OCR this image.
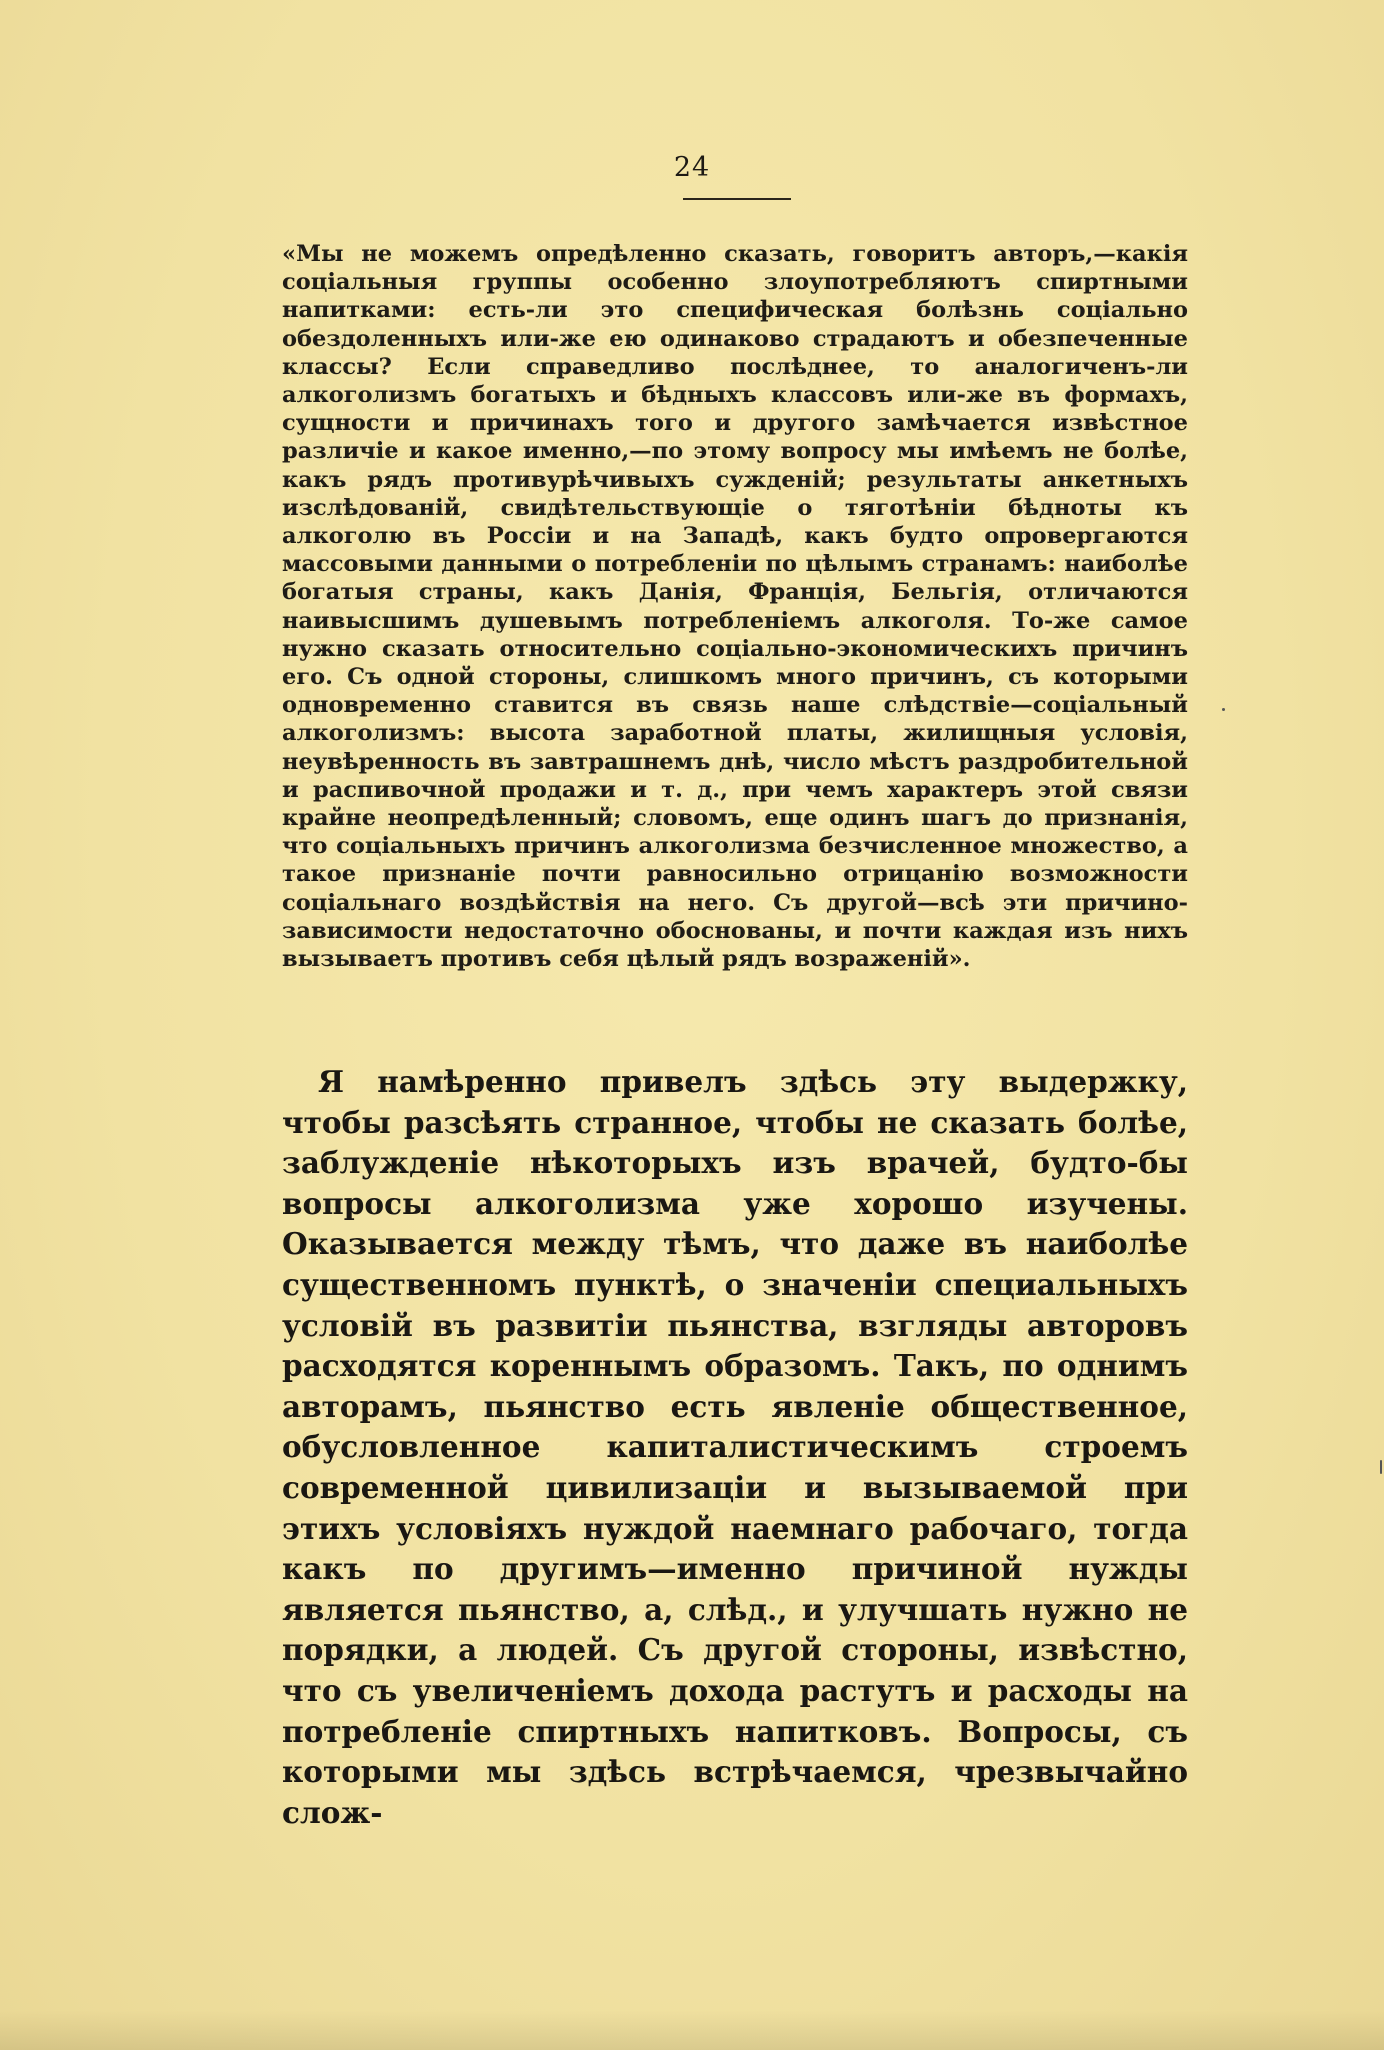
24

«Мы не можемъ опредѣленно сказать, говоритъ авторъ,—какія соціальныя группы особенно злоупотребляютъ спиртными напитками: есть-ли это специфическая болѣзнь соціально обездоленныхъ или-же ею одинаково страдаютъ и обезпеченные классы? Если справедливо послѣднее, то аналогиченъ-ли алкоголизмъ богатыхъ и бѣдныхъ классовъ или-же въ формахъ, сущности и причинахъ того и другого замѣчается извѣстное различіе и какое именно,—по этому вопросу мы имѣемъ не болѣе, какъ рядъ противурѣчивыхъ сужденій; результаты анкетныхъ изслѣдованій, свидѣтельствующіе о тяготѣніи бѣдноты къ алкоголю въ Россіи и на Западѣ, какъ будто опровергаются массовыми данными о потребленіи по цѣлымъ странамъ: наиболѣе богатыя страны, какъ Данія, Франція, Бельгія, отличаются наивысшимъ душевымъ потребленіемъ алкоголя. То-же самое нужно сказать относительно соціально-экономическихъ причинъ его. Съ одной стороны, слишкомъ много причинъ, съ которыми одновременно ставится въ связь наше слѣдствіе—соціальный алкоголизмъ: высота заработной платы, жилищныя условія, неувѣренность въ завтрашнемъ днѣ, число мѣстъ раздробительной и распивочной продажи и т. д., при чемъ характеръ этой связи крайне неопредѣленный; словомъ, еще одинъ шагъ до признанія, что соціальныхъ причинъ алкоголизма безчисленное множество, а такое признаніе почти равносильно отрицанію возможности соціальнаго воздѣйствія на него. Съ другой—всѣ эти причино-зависимости недостаточно обоснованы, и почти каждая изъ нихъ вызываетъ противъ себя цѣлый рядъ возраженій».

Я намѣренно привелъ здѣсь эту выдержку, чтобы разсѣять странное, чтобы не сказать болѣе, заблужденіе нѣкоторыхъ изъ врачей, будто-бы вопросы алкоголизма уже хорошо изучены. Оказывается между тѣмъ, что даже въ наиболѣе существенномъ пунктѣ, о значеніи специальныхъ условій въ развитіи пьянства, взгляды авторовъ расходятся кореннымъ образомъ. Такъ, по однимъ авторамъ, пьянство есть явленіе общественное, обусловленное капиталистическимъ строемъ современной цивилизаціи и вызываемой при этихъ условіяхъ нуждой наемнаго рабочаго, тогда какъ по другимъ—именно причиной нужды является пьянство, а, слѣд., и улучшать нужно не порядки, а людей. Съ другой стороны, извѣстно, что съ увеличеніемъ дохода растутъ и расходы на потребленіе спиртныхъ напитковъ. Вопросы, съ которыми мы здѣсь встрѣчаемся, чрезвычайно слож-
